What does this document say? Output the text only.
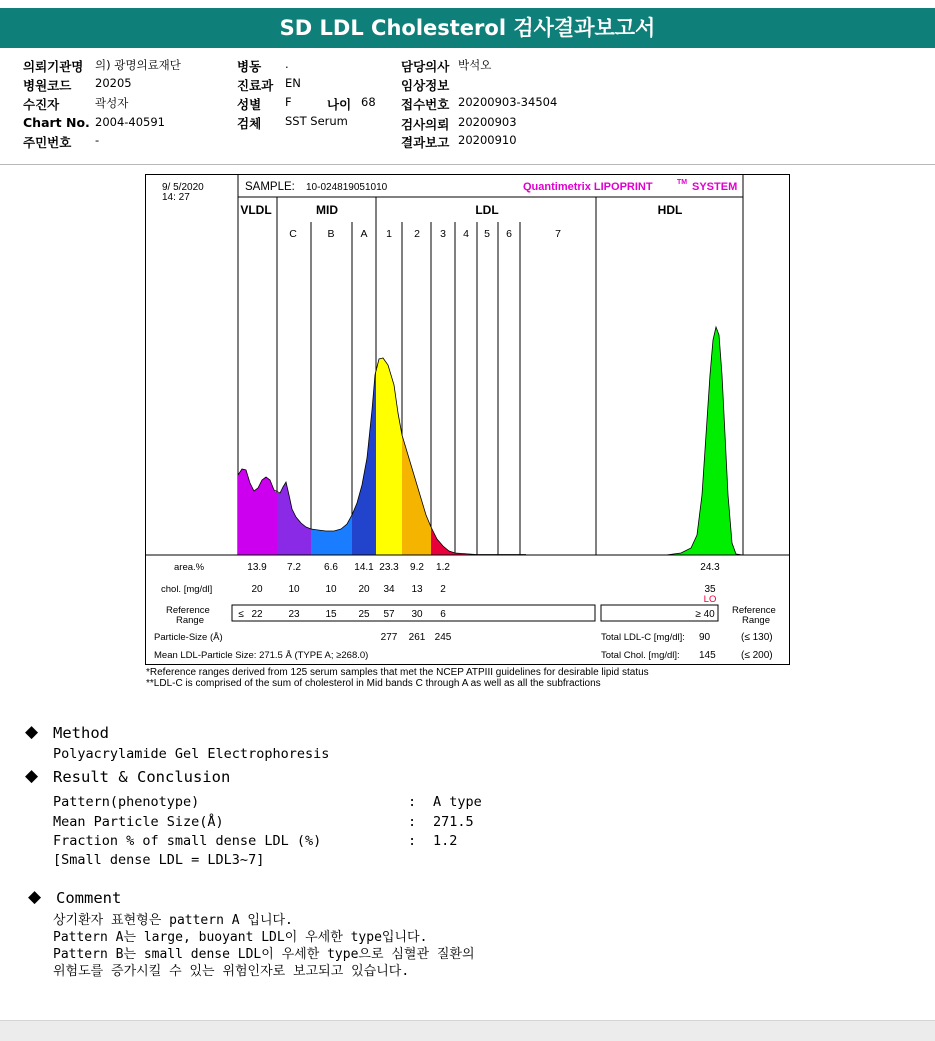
SD LDL Cholesterol 검사결과보고서
의뢰기관명 의) 광명의료재단
병원코드 20205
수진자	곽성자
Chart No. 2004-40591
주민번호 -
병동 .
진료과 EN
성별 F	나이 68
검체 SST Serum
담당의사 박석오
임상정보
접수번호 20200903-34504
검사의뢰 20200903
결과보고 20200910
9/ 5/2020
14: 27
SAMPLE: 10-024819051010	Quantimetrix LIPOPRINT	TM SYSTEM
VLDL	MID	LDL	HDL
C	B A 1 2 3 4 5 6	7
area.%	13.9 7.2 6.6 14.1 23.3 9.2 1.2	24.3
chol. [mg/dl]	20	10	10 20 34 13 2	35
LO
Reference
Range
≤ 22	23	15 25 57 30 6	≥ 40 Reference
Range
Particle-Size (Å)	277 261 245	Total LDL-C [mg/dl]: 90	(≤ 130)
Mean LDL-Particle Size: 271.5 Å (TYPE A; ≥268.0)	Total Chol. [mg/dl]: 145	(≤ 200)
*Reference ranges derived from 125 serum samples that met the NCEP ATPIII guidelines for desirable lipid status
**LDL-C is comprised of the sum of cholesterol in Mid bands C through A as well as all the subfractions
◆ Method
Polyacrylamide Gel Electrophoresis
◆ Result & Conclusion
Pattern(phenotype)	: A type
Mean Particle Size(Å)	: 271.5
Fraction % of small dense LDL (%)	: 1.2
[Small dense LDL = LDL3~7]
◆ Comment
상기환자 표현형은 pattern A 입니다.
Pattern A는 large, buoyant LDL이 우세한 type입니다.
Pattern B는 small dense LDL이 우세한 type으로 심혈관 질환의
위험도를 증가시킬 수 있는 위험인자로 보고되고 있습니다.
